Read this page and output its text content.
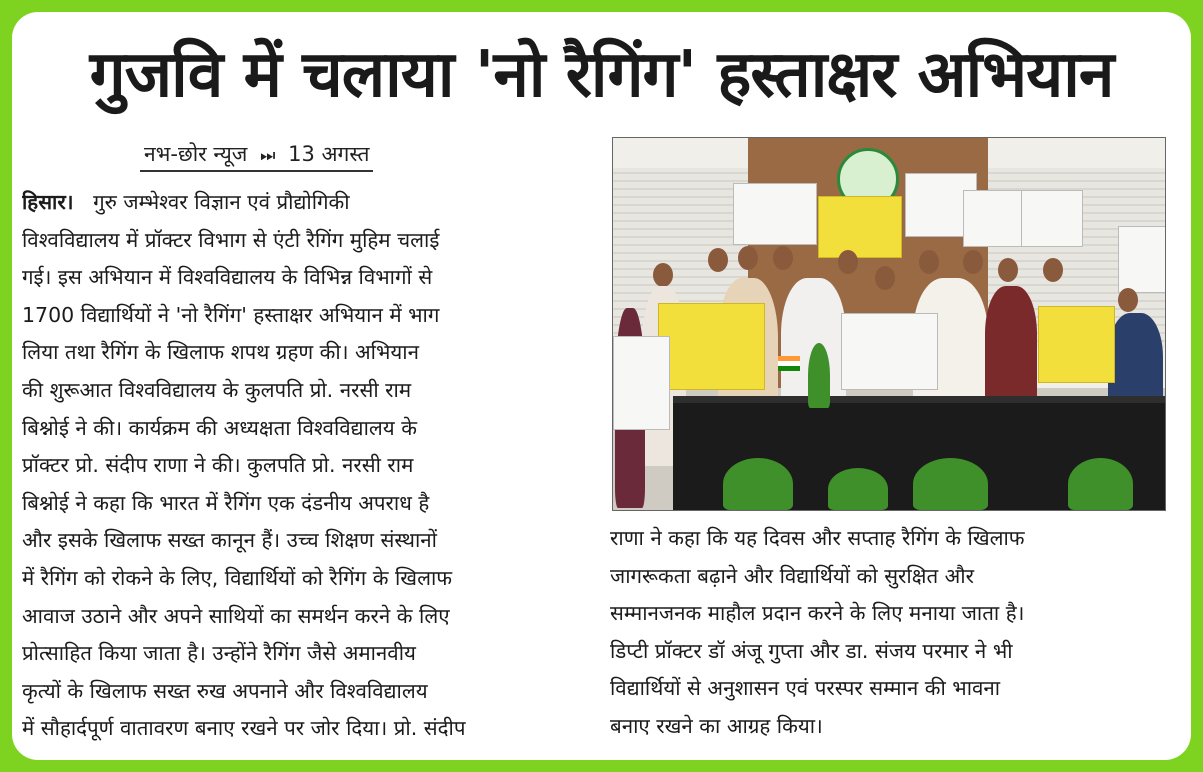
गुजवि में चलाया 'नो रैगिंग' हस्ताक्षर अभियान
नभ-छोर न्यूज ⏭ 13 अगस्त
हिसार। गुरु जम्भेश्वर विज्ञान एवं प्रौद्योगिकी
विश्वविद्यालय में प्रॉक्टर विभाग से एंटी रैगिंग मुहिम चलाई
गई। इस अभियान में विश्वविद्यालय के विभिन्न विभागों से
1700 विद्यार्थियों ने 'नो रैगिंग' हस्ताक्षर अभियान में भाग
लिया तथा रैगिंग के खिलाफ शपथ ग्रहण की। अभियान
की शुरूआत विश्वविद्यालय के कुलपति प्रो. नरसी राम
बिश्नोई ने की। कार्यक्रम की अध्यक्षता विश्वविद्यालय के
प्रॉक्टर प्रो. संदीप राणा ने की। कुलपति प्रो. नरसी राम
बिश्नोई ने कहा कि भारत में रैगिंग एक दंडनीय अपराध है
और इसके खिलाफ सख्त कानून हैं। उच्च शिक्षण संस्थानों
में रैगिंग को रोकने के लिए, विद्यार्थियों को रैगिंग के खिलाफ
आवाज उठाने और अपने साथियों का समर्थन करने के लिए
प्रोत्साहित किया जाता है। उन्होंने रैगिंग जैसे अमानवीय
कृत्यों के खिलाफ सख्त रुख अपनाने और विश्वविद्यालय
में सौहार्दपूर्ण वातावरण बनाए रखने पर जोर दिया। प्रो. संदीप
राणा ने कहा कि यह दिवस और सप्ताह रैगिंग के खिलाफ
जागरूकता बढ़ाने और विद्यार्थियों को सुरक्षित और
सम्मानजनक माहौल प्रदान करने के लिए मनाया जाता है।
डिप्टी प्रॉक्टर डॉ अंजू गुप्ता और डा. संजय परमार ने भी
विद्यार्थियों से अनुशासन एवं परस्पर सम्मान की भावना
बनाए रखने का आग्रह किया।
